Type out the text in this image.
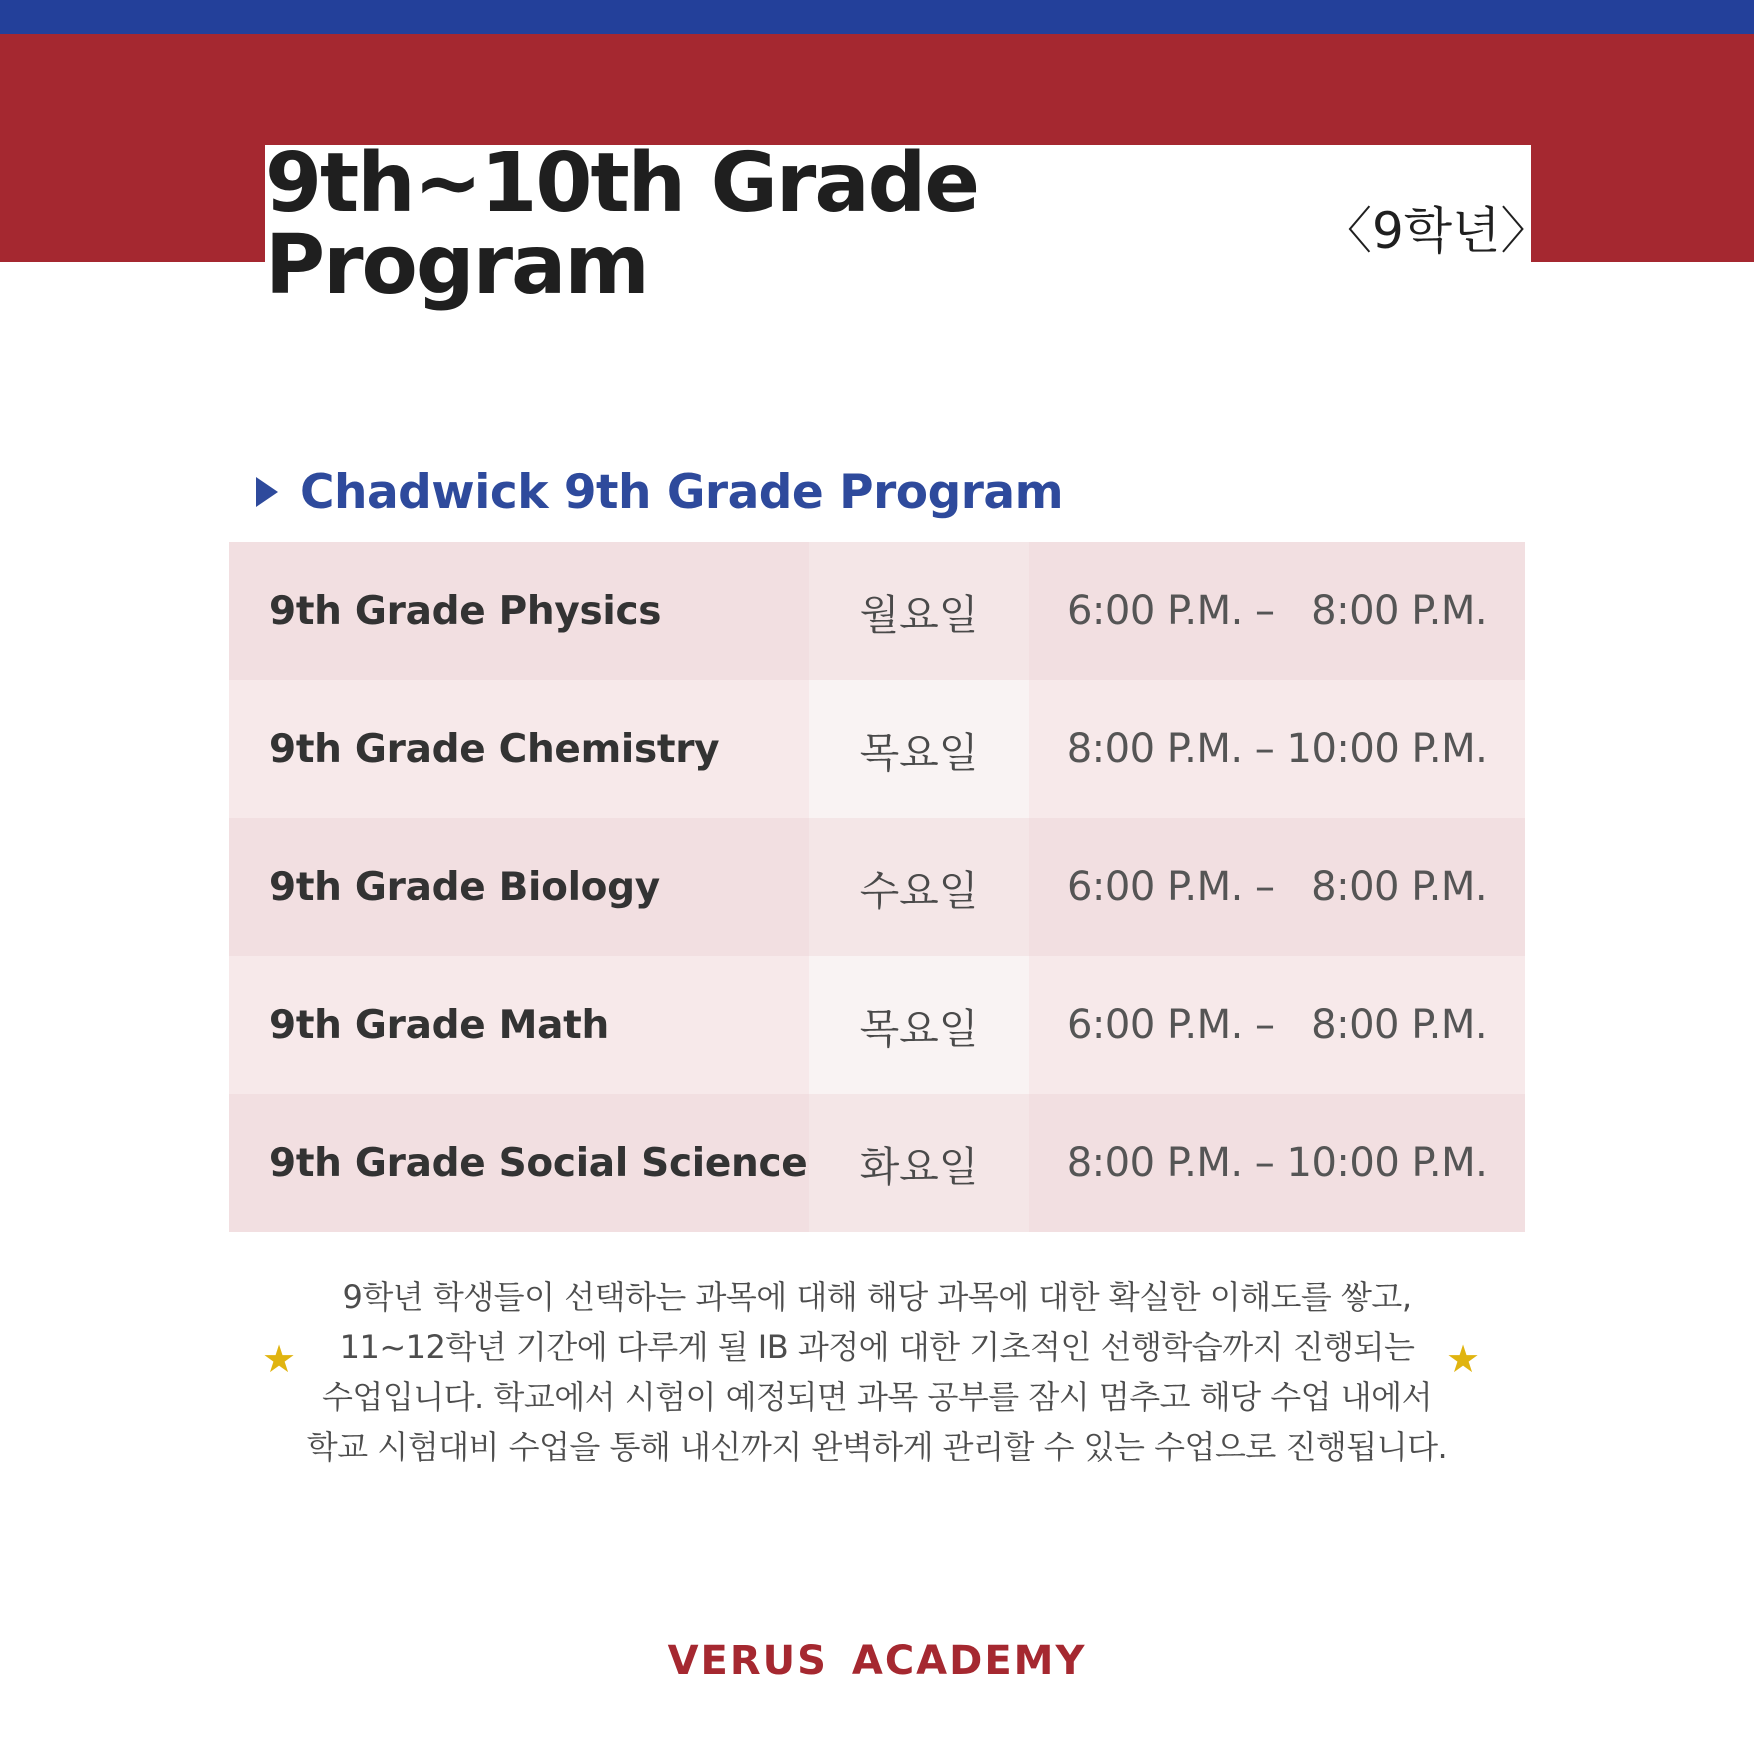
9th~10th Grade Program	〈9학년〉
Chadwick 9th Grade Program
9th Grade Physics	월요일 6:00 P.M. –   8:00 P.M.
9th Grade Chemistry	목요일 8:00 P.M. – 10:00 P.M.
9th Grade Biology	수요일 6:00 P.M. –   8:00 P.M.
9th Grade Math	목요일 6:00 P.M. –   8:00 P.M.
9th Grade Social Science 화요일 8:00 P.M. – 10:00 P.M.
★	★
9학년 학생들이 선택하는 과목에 대해 해당 과목에 대한 확실한 이해도를 쌓고,
11~12학년 기간에 다루게 될 IB 과정에 대한 기초적인 선행학습까지 진행되는
수업입니다. 학교에서 시험이 예정되면 과목 공부를 잠시 멈추고 해당 수업 내에서
학교 시험대비 수업을 통해 내신까지 완벽하게 관리할 수 있는 수업으로 진행됩니다.
VERUS ACADEMY
